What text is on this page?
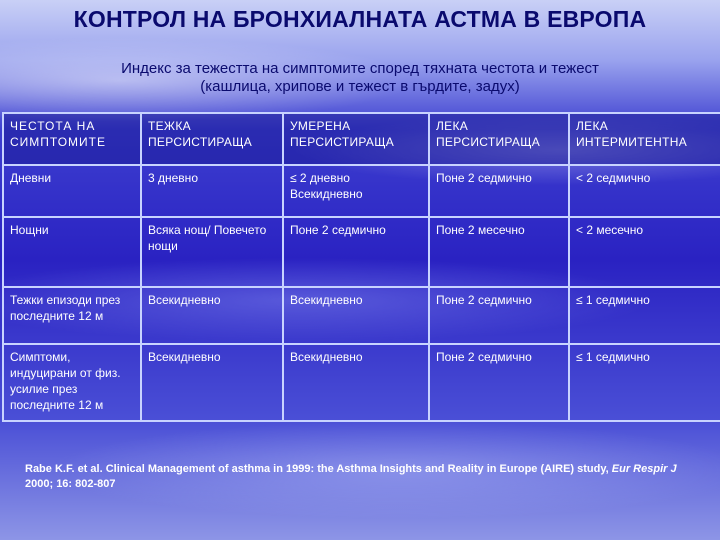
КОНТРОЛ НА БРОНХИАЛНАТА АСТМА В ЕВРОПА
Индекс за тежестта на симптомите според тяхната честота и тежест
(кашлица, хрипове и тежест в гърдите, задух)
ЧЕСТОТА НА СИМПТОМИТЕ	ТЕЖКА ПЕРСИСТИРАЩА	УМЕРЕНА ПЕРСИСТИРАЩА	ЛЕКА ПЕРСИСТИРАЩА	ЛЕКА ИНТЕРМИТЕНТНА
Дневни	3 дневно	≤ 2 дневно Всекидневно	Поне 2 седмично	< 2 седмично
Нощни	Всяка нощ/ Повечето нощи	Поне 2 седмично	Поне 2 месечно	< 2 месечно
Тежки епизоди през последните 12 м	Всекидневно	Всекидневно	Поне 2 седмично	≤ 1 седмично
Симптоми, индуцирани от физ. усилие през последните 12 м	Всекидневно	Всекидневно	Поне 2 седмично	≤ 1 седмично
Rabe K.F. et al. Clinical Management of asthma in 1999: the Asthma Insights and Reality in Europe (AIRE) study, Eur Respir J 2000; 16: 802-807
